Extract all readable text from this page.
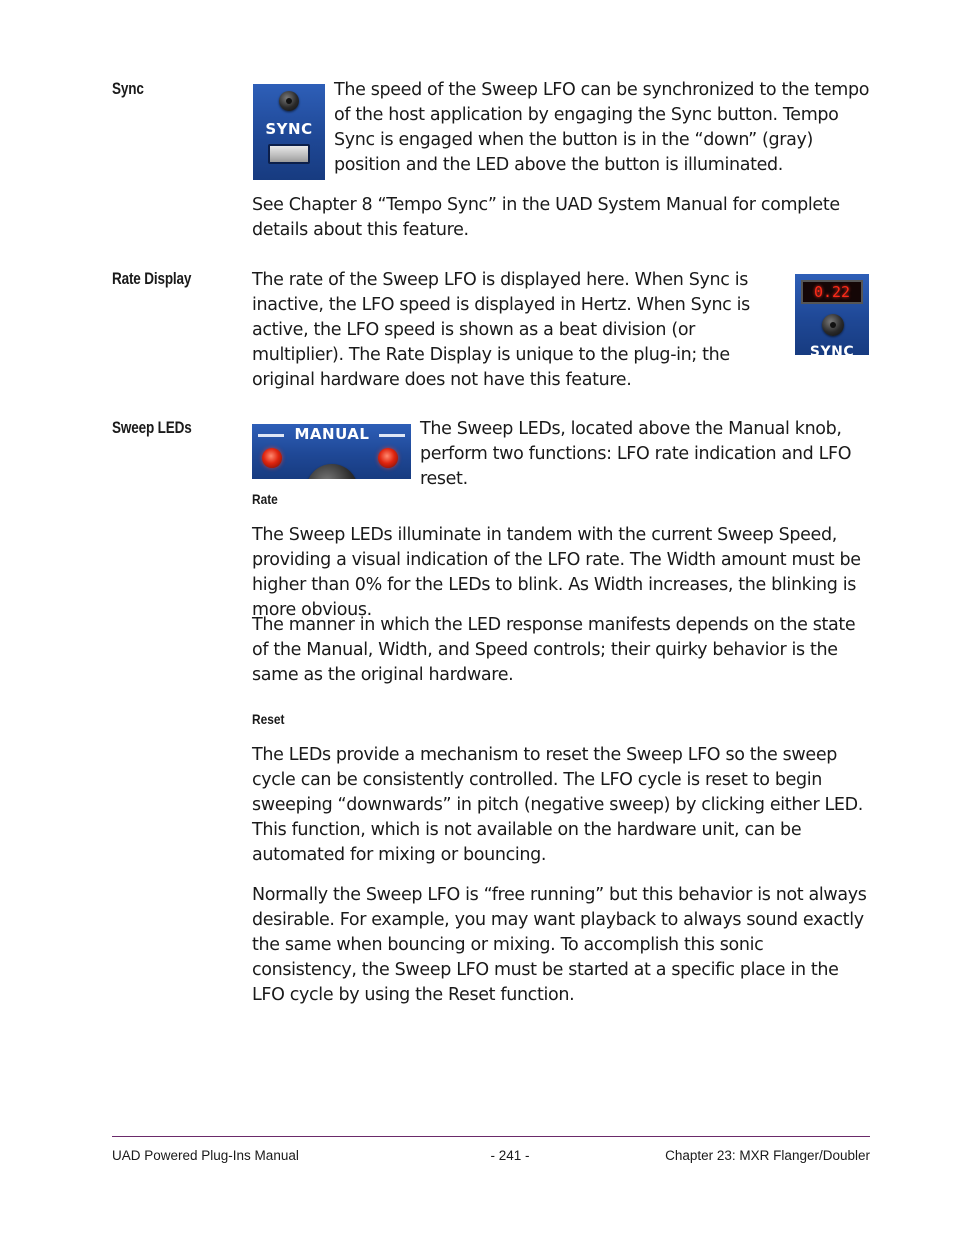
Sync
SYNC

The speed of the Sweep LFO can be synchronized to the tempo of the host application by engaging the Sync button. Tempo Sync is engaged when the button is in the “down” (gray) position and the LED above the button is illuminated.

See Chapter 8 “Tempo Sync” in the UAD System Manual for complete details about this feature.

Rate Display	The rate of the Sweep LFO is displayed here. When Sync is inactive, the LFO speed is displayed in Hertz. When Sync is active, the LFO speed is shown as a beat division (or multiplier). The Rate Display is unique to the plug-in; the original hardware does not have this feature.

0.22
SYNC
Sweep LEDs	MANUAL	The Sweep LEDs, located above the Manual knob, perform two functions: LFO rate indication and LFO reset.

Rate

The Sweep LEDs illuminate in tandem with the current Sweep Speed, providing a visual indication of the LFO rate. The Width amount must be higher than 0% for the LEDs to blink. As Width increases, the blinking is more obvious.

The manner in which the LED response manifests depends on the state of the Manual, Width, and Speed controls; their quirky behavior is the same as the original hardware.

Reset

The LEDs provide a mechanism to reset the Sweep LFO so the sweep cycle can be consistently controlled. The LFO cycle is reset to begin sweeping “downwards” in pitch (negative sweep) by clicking either LED. This function, which is not available on the hardware unit, can be automated for mixing or bouncing.

Normally the Sweep LFO is “free running” but this behavior is not always desirable. For example, you may want playback to always sound exactly the same when bouncing or mixing. To accomplish this sonic consistency, the Sweep LFO must be started at a specific place in the LFO cycle by using the Reset function.

UAD Powered Plug-Ins Manual	- 241 -	Chapter 23: MXR Flanger/Doubler
